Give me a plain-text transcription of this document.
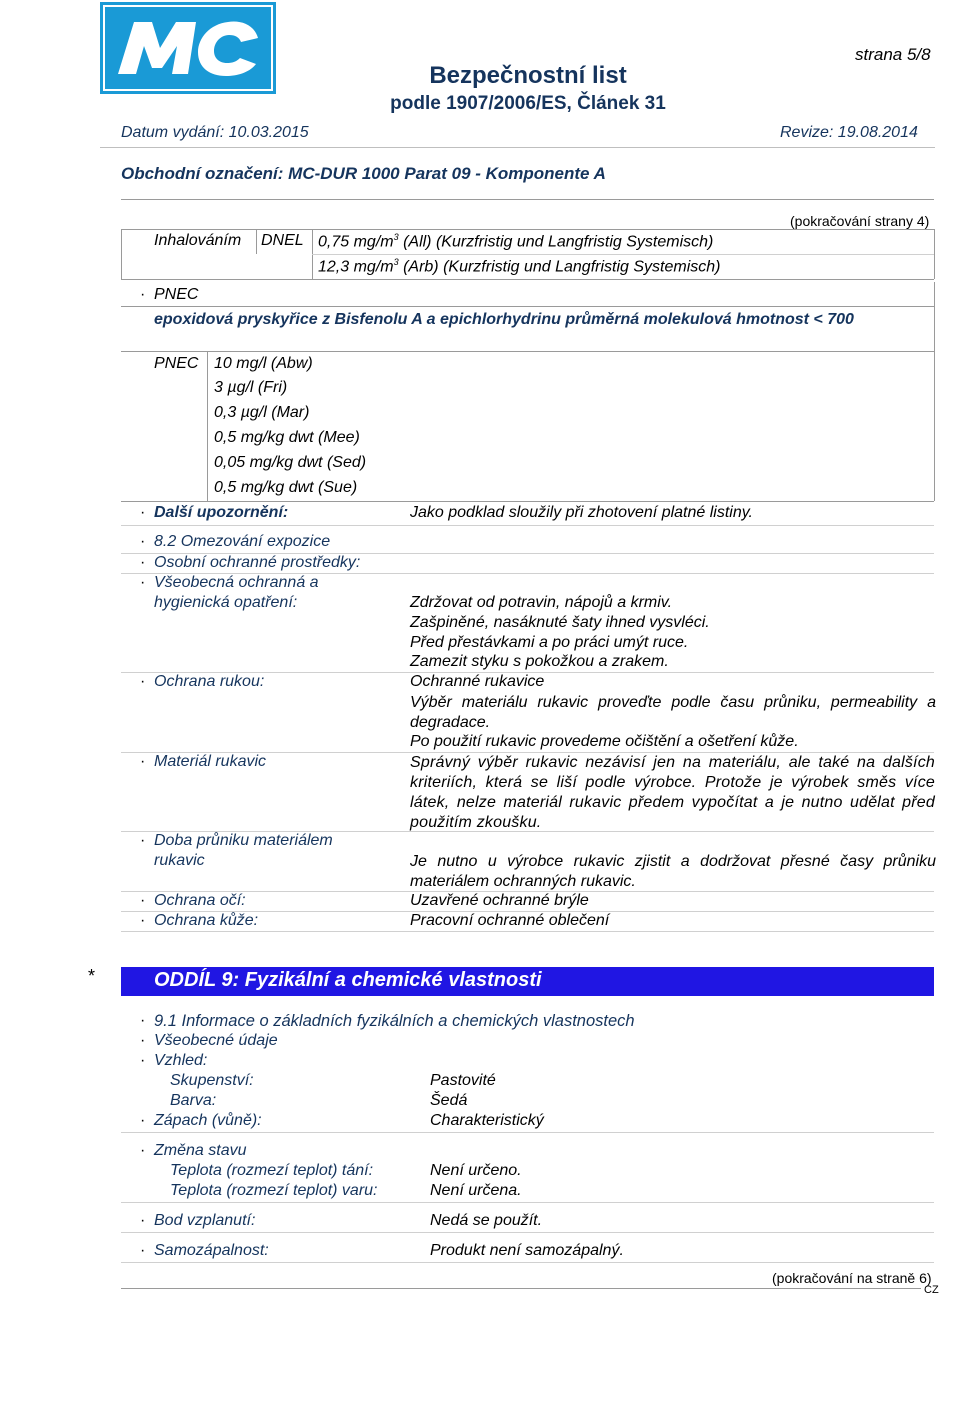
strana 5/8
Bezpečnostní list
podle 1907/2006/ES, Článek 31
Datum vydání: 10.03.2015	Revize: 19.08.2014
Obchodní označení: MC-DUR 1000 Parat 09 - Komponente A
(pokračování strany 4)
Inhalováním DNEL 0,75 $mg/m^3$ (All) (Kurzfristig und Langfristig Systemisch)
12,3 $mg/m^3$ (Arb) (Kurzfristig und Langfristig Systemisch)
· PNEC
epoxidová pryskyřice z Bisfenolu A a epichlorhydrinu průměrná molekulová hmotnost < 700
PNEC 10 mg/l (Abw)
3 µg/l (Fri)
0,3 µg/l (Mar)
0,5 mg/kg dwt (Mee)
0,05 mg/kg dwt (Sed)
0,5 mg/kg dwt (Sue)
· Další upozornění:	Jako podklad sloužily při zhotovení platné listiny.
· 8.2 Omezování expozice
· Osobní ochranné prostředky:
· Všeobecná ochranná a
hygienická opatření:	Zdržovat od potravin, nápojů a krmiv.
Zašpiněné, nasáknuté šaty ihned vysvléci.
Před přestávkami a po práci umýt ruce.
Zamezit styku s pokožkou a zrakem.
· Ochrana rukou:	Ochranné rukavice
Výběr materiálu rukavic proveďte podle času průniku, permeability a degradace.
Po použití rukavic provedeme očištění a ošetření kůže.
· Materiál rukavic	Správný výběr rukavic nezávisí jen na materiálu, ale také na dalších kriteriích, která se liší podle výrobce. Protože je výrobek směs více látek, nelze materiál rukavic předem vypočítat a je nutno udělat před použitím zkoušku.
· Doba průniku materiálem
rukavic	Je nutno u výrobce rukavic zjistit a dodržovat přesné časy průniku materiálem ochranných rukavic.
· Ochrana očí:	Uzavřené ochranné brýle
· Ochrana kůže:	Pracovní ochranné oblečení
*	ODDÍL 9: Fyzikální a chemické vlastnosti
· 9.1 Informace o základních fyzikálních a chemických vlastnostech
· Všeobecné údaje
· Vzhled:
Skupenství:	Pastovité
Barva:	Šedá
· Zápach (vůně):	Charakteristický
· Změna stavu
Teplota (rozmezí teplot) tání:	Není určeno.
Teplota (rozmezí teplot) varu:	Není určena.
· Bod vzplanutí:	Nedá se použít.
· Samozápalnost:	Produkt není samozápalný.
(pokračování na straně 6)
CZ
